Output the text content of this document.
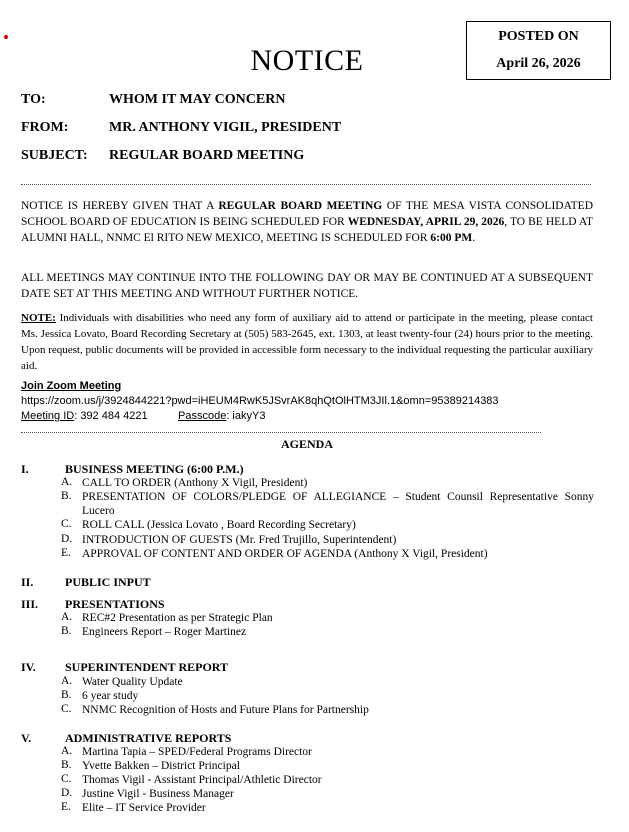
POSTED ON
April 26, 2026
NOTICE
TO:	WHOM IT MAY CONCERN
FROM:	MR. ANTHONY VIGIL, PRESIDENT
SUBJECT: REGULAR BOARD MEETING
NOTICE IS HEREBY GIVEN THAT A REGULAR BOARD MEETING OF THE MESA VISTA CONSOLIDATED SCHOOL BOARD OF EDUCATION IS BEING SCHEDULED FOR WEDNESDAY, APRIL 29, 2026, TO BE HELD AT ALUMNI HALL, NNMC El RITO NEW MEXICO, MEETING IS SCHEDULED FOR 6:00 PM.
ALL MEETINGS MAY CONTINUE INTO THE FOLLOWING DAY OR MAY BE CONTINUED AT A SUBSEQUENT DATE SET AT THIS MEETING AND WITHOUT FURTHER NOTICE.
NOTE: Individuals with disabilities who need any form of auxiliary aid to attend or participate in the meeting, please contact Ms. Jessica Lovato, Board Recording Secretary at (505) 583-2645, ext. 1303, at least twenty-four (24) hours prior to the meeting. Upon request, public documents will be provided in accessible form necessary to the individual requesting the particular auxiliary aid.
Join Zoom Meeting
https://zoom.us/j/3924844221?pwd=iHEUM4RwK5JSvrAK8qhQtOlHTM3JIl.1&omn=95389214383
Meeting ID: 392 484 4221	Passcode: iakyY3
AGENDA
I.	BUSINESS MEETING (6:00 P.M.)
A. CALL TO ORDER (Anthony X Vigil, President)
B. PRESENTATION OF COLORS/PLEDGE OF ALLEGIANCE – Student Counsil Representative Sonny Lucero
C. ROLL CALL (Jessica Lovato , Board Recording Secretary)
D. INTRODUCTION OF GUESTS (Mr. Fred Trujillo, Superintendent)
E. APPROVAL OF CONTENT AND ORDER OF AGENDA (Anthony X Vigil, President)
II.	PUBLIC INPUT
III. PRESENTATIONS
A. REC#2 Presentation as per Strategic Plan
B. Engineers Report – Roger Martinez
IV. SUPERINTENDENT REPORT
A. Water Quality Update
B. 6 year study
C. NNMC Recognition of Hosts and Future Plans for Partnership
V.	ADMINISTRATIVE REPORTS
A. Martina Tapia – SPED/Federal Programs Director
B. Yvette Bakken – District Principal
C. Thomas Vigil - Assistant Principal/Athletic Director
D. Justine Vigil - Business Manager
E. Elite – IT Service Provider
